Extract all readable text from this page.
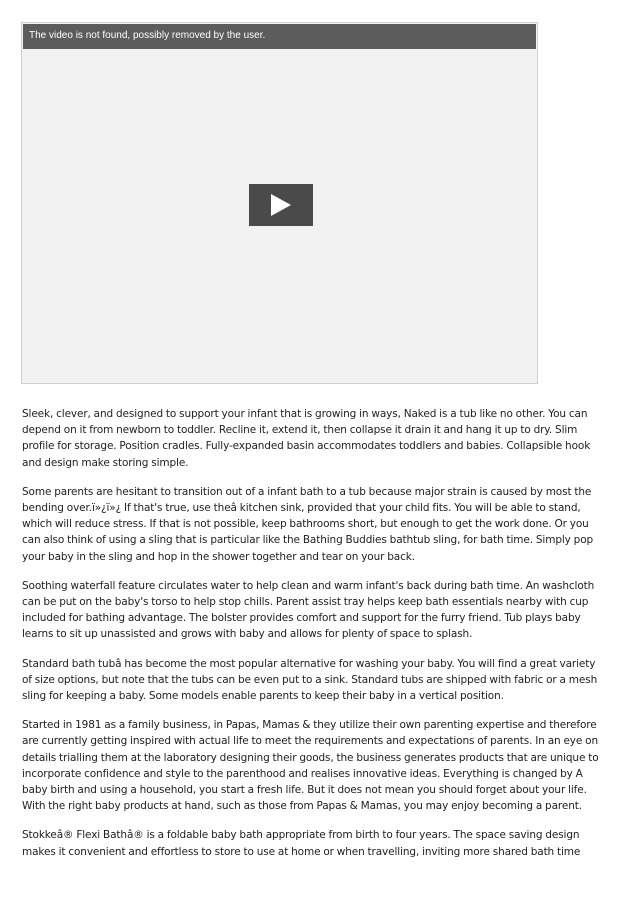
The video is not found, possibly removed by the user.

Sleek, clever, and designed to support your infant that is growing in ways, Naked is a tub like no other. You can depend on it from newborn to toddler. Recline it, extend it, then collapse it drain it and hang it up to dry. Slim profile for storage. Position cradles. Fully-expanded basin accommodates toddlers and babies. Collapsible hook and design make storing simple.

Some parents are hesitant to transition out of a infant bath to a tub because major strain is caused by most the bending over.ï»¿ï»¿ If that's true, use theâ kitchen sink, provided that your child fits. You will be able to stand, which will reduce stress. If that is not possible, keep bathrooms short, but enough to get the work done. Or you can also think of using a sling that is particular like the Bathing Buddies bathtub sling, for bath time. Simply pop your baby in the sling and hop in the shower together and tear on your back.

Soothing waterfall feature circulates water to help clean and warm infant's back during bath time. An washcloth can be put on the baby's torso to help stop chills. Parent assist tray helps keep bath essentials nearby with cup included for bathing advantage. The bolster provides comfort and support for the furry friend. Tub plays baby learns to sit up unassisted and grows with baby and allows for plenty of space to splash.

Standard bath tubâ has become the most popular alternative for washing your baby. You will find a great variety of size options, but note that the tubs can be even put to a sink. Standard tubs are shipped with fabric or a mesh sling for keeping a baby. Some models enable parents to keep their baby in a vertical position.

Started in 1981 as a family business, in Papas, Mamas & they utilize their own parenting expertise and therefore are currently getting inspired with actual life to meet the requirements and expectations of parents. In an eye on details trialling them at the laboratory designing their goods, the business generates products that are unique to incorporate confidence and style to the parenthood and realises innovative ideas. Everything is changed by A baby birth and using a household, you start a fresh life. But it does not mean you should forget about your life. With the right baby products at hand, such as those from Papas & Mamas, you may enjoy becoming a parent.

Stokkeâ® Flexi Bathâ® is a foldable baby bath appropriate from birth to four years. The space saving design makes it convenient and effortless to store to use at home or when travelling, inviting more shared bath time
